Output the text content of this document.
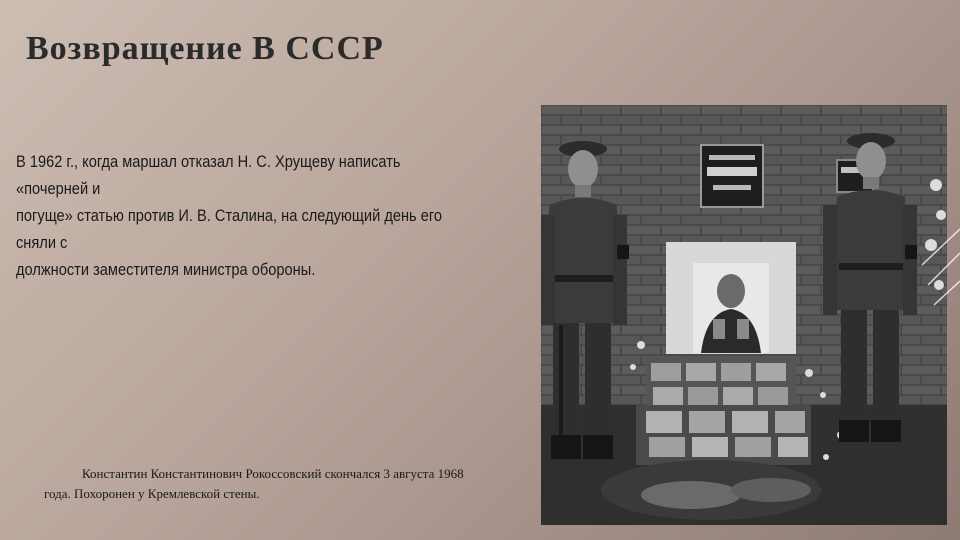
Возвращение В СССР
В 1962 г., когда маршал отказал Н. С. Хрущеву написать «почерней и
погуще» статью против И. В. Сталина, на следующий день его сняли с
должности заместителя министра обороны.
Константин Константинович Рокоссовский скончался 3 августа 1968
года. Похоронен у Кремлевской стены.
